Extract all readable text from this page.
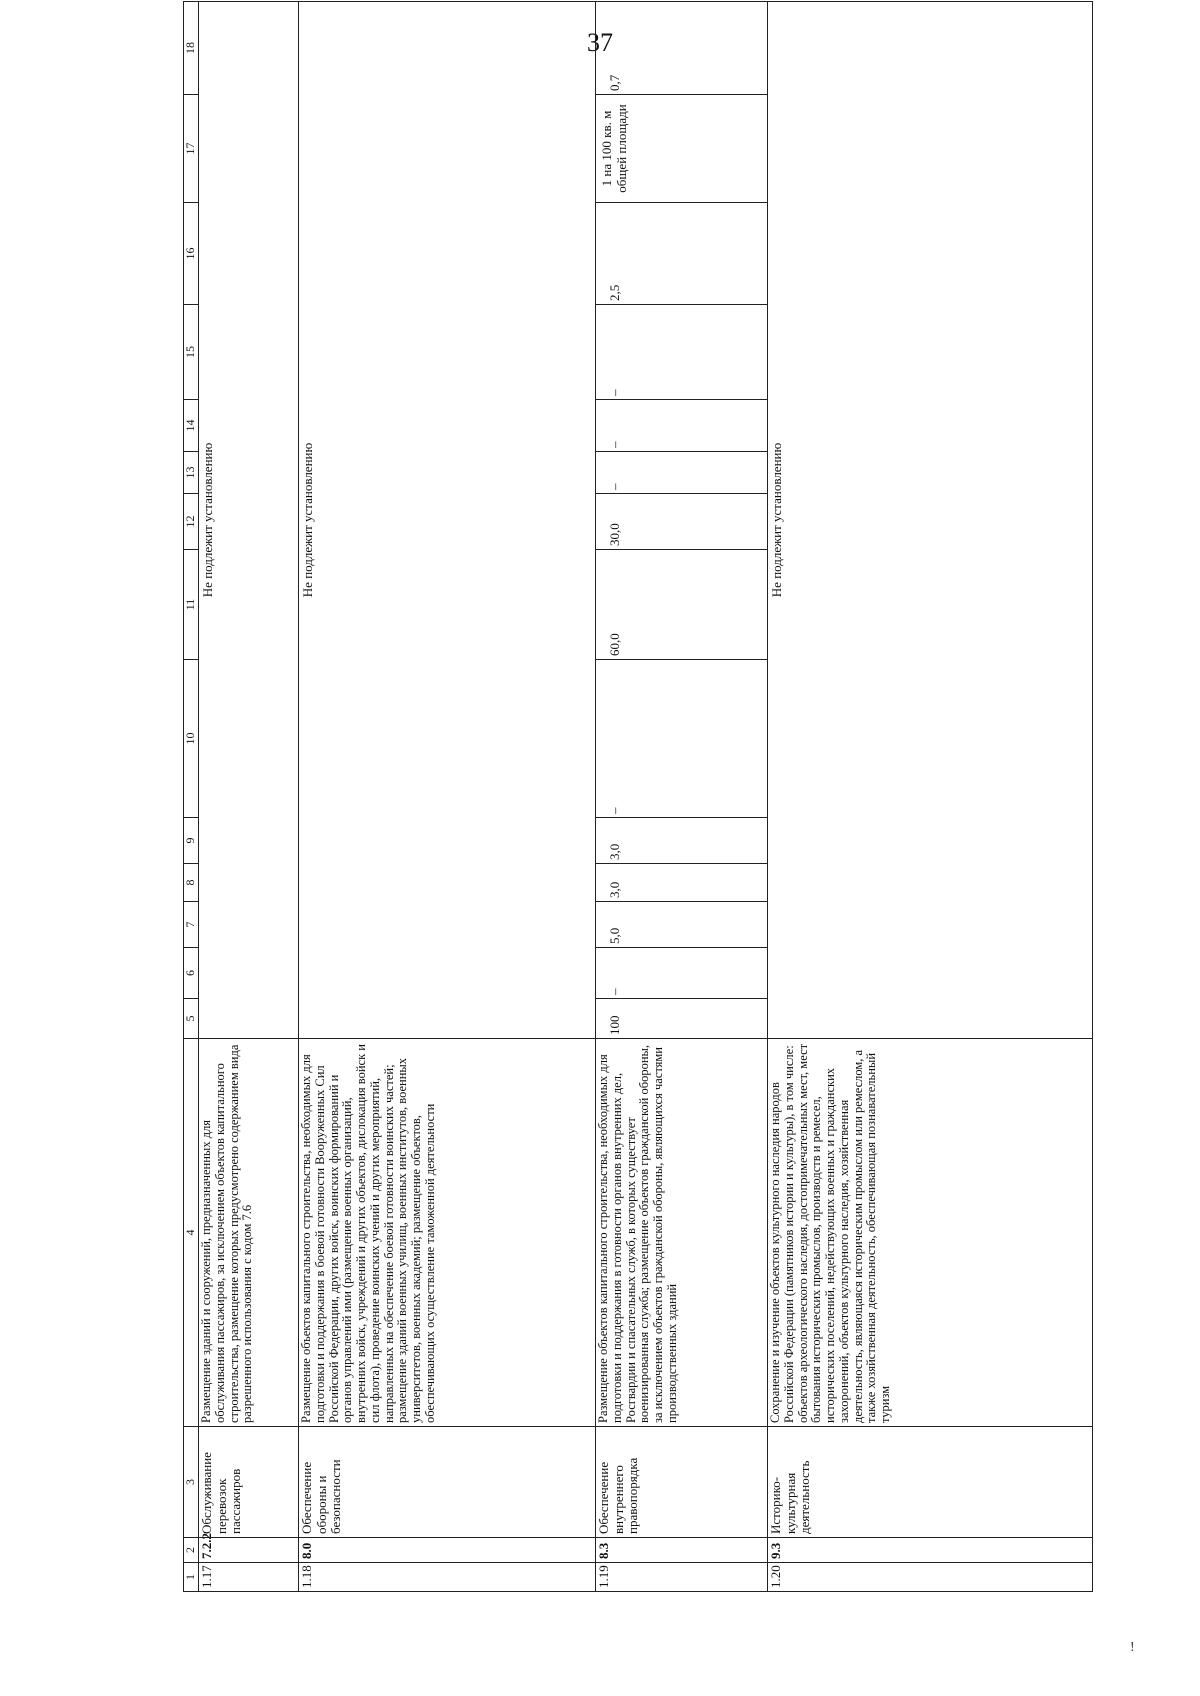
37
!
1	2	3	4	5	6	7	8	9	10	11	12	13	14	15	16	17	18
1.17	7.2.2	Обслуживание перевозок пассажиров	Размещение зданий и сооружений, предназначенных для обслуживания пассажиров, за исключением объектов капитального строительства, размещение которых предусмотрено содержанием вида разрешенного использования с кодом 7.6	Не подлежит установлению													
1.18	8.0	Обеспечение обороны и безопасности	Размещение объектов капитального строительства, необходимых для подготовки и поддержания в боевой готовности Вооруженных Сил Российской Федерации, других войск, воинских формирований и органов управлений ими (размещение военных организаций, внутренних войск, учреждений и других объектов, дислокация войск и сил флота), проведение воинских учений и других мероприятий, направленных на обеспечение боевой готовности воинских частей; размещение зданий военных училищ, военных институтов, военных университетов, военных академий; размещение объектов, обеспечивающих осуществление таможенной деятельности	Не подлежит установлению													
1.19	8.3	Обеспечение внутреннего правопорядка	Размещение объектов капитального строительства, необходимых для подготовки и поддержания в готовности органов внутренних дел, Росгвардии и спасательных служб, в которых существует военизированная служба; размещение объектов гражданской обороны, за исключением объектов гражданской обороны, являющихся частями производственных зданий	100	–	5,0	3,0	3,0	–	60,0	30,0	–	–	–	2,5	1 на 100 кв. м общей площади	0,7
1.20	9.3	Историко-культурная деятельность	Сохранение и изучение объектов культурного наследия народов Российской Федерации (памятников истории и культуры), в том числе: объектов археологического наследия, достопримечательных мест, мест бытования исторических промыслов, производств и ремесел, исторических поселений, недействующих военных и гражданских захоронений, объектов культурного наследия, хозяйственная деятельность, являющаяся историческим промыслом или ремеслом, а также хозяйственная деятельность, обеспечивающая познавательный туризм	Не подлежит установлению													
